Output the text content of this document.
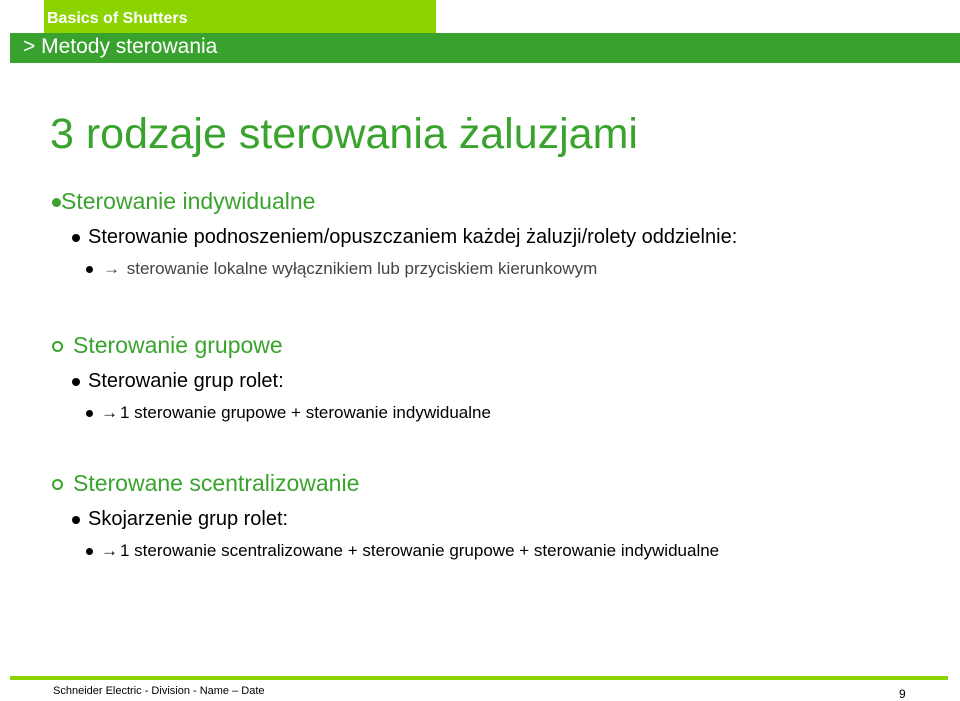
Basics of Shutters
> Metody sterowania
3 rodzaje sterowania żaluzjami
Sterowanie indywidualne
Sterowanie podnoszeniem/opuszczaniem każdej żaluzji/rolety oddzielnie:
→ sterowanie lokalne wyłącznikiem lub przyciskiem kierunkowym
Sterowanie grupowe
Sterowanie grup rolet:
→ 1 sterowanie grupowe + sterowanie indywidualne
Sterowane scentralizowanie
Skojarzenie grup rolet:
→ 1 sterowanie scentralizowane + sterowanie grupowe + sterowanie indywidualne
Schneider Electric - Division - Name – Date	9
